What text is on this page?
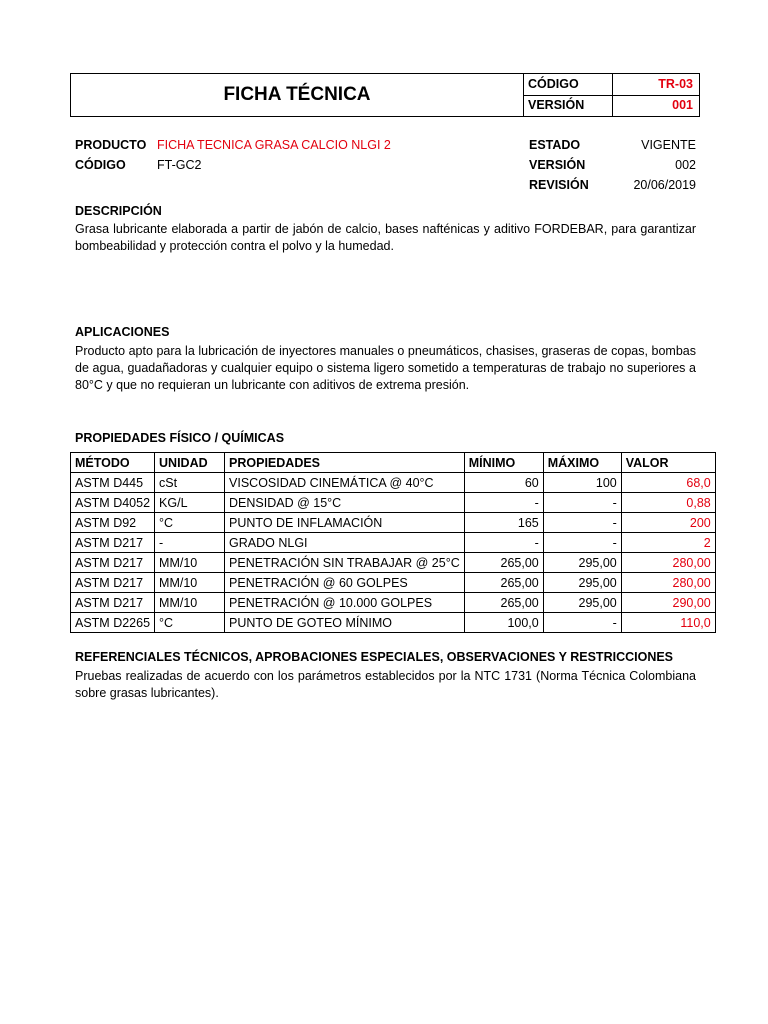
FICHA TÉCNICA	CÓDIGO	TR-03
VERSIÓN	001
PRODUCTO FICHA TECNICA GRASA CALCIO NLGI 2
CÓDIGO	FT-GC2
ESTADO	VIGENTE
VERSIÓN	002
REVISIÓN	20/06/2019
DESCRIPCIÓN
Grasa lubricante elaborada a partir de jabón de calcio, bases nafténicas y aditivo FORDEBAR, para garantizar bombeabilidad y protección contra el polvo y la humedad.
APLICACIONES
Producto apto para la lubricación de inyectores manuales o pneumáticos, chasises, graseras de copas, bombas de agua, guadañadoras y cualquier equipo o sistema ligero sometido a temperaturas de trabajo no superiores a 80°C y que no requieran un lubricante con aditivos de extrema presión.
PROPIEDADES FÍSICO / QUÍMICAS
MÉTODO	UNIDAD	PROPIEDADES	MÍNIMO	MÁXIMO	VALOR
ASTM D445	cSt	VISCOSIDAD CINEMÁTICA @ 40°C	60	100	68,0
ASTM D4052	KG/L	DENSIDAD @ 15°C	-	-	0,88
ASTM D92	°C	PUNTO DE INFLAMACIÓN	165	-	200
ASTM D217	-	GRADO NLGI	-	-	2
ASTM D217	MM/10	PENETRACIÓN SIN TRABAJAR @ 25°C	265,00	295,00	280,00
ASTM D217	MM/10	PENETRACIÓN @ 60 GOLPES	265,00	295,00	280,00
ASTM D217	MM/10	PENETRACIÓN @ 10.000 GOLPES	265,00	295,00	290,00
ASTM D2265	°C	PUNTO DE GOTEO MÍNIMO	100,0	-	110,0
REFERENCIALES TÉCNICOS, APROBACIONES ESPECIALES, OBSERVACIONES Y RESTRICCIONES
Pruebas realizadas de acuerdo con los parámetros establecidos por la NTC 1731 (Norma Técnica Colombiana sobre grasas lubricantes).
